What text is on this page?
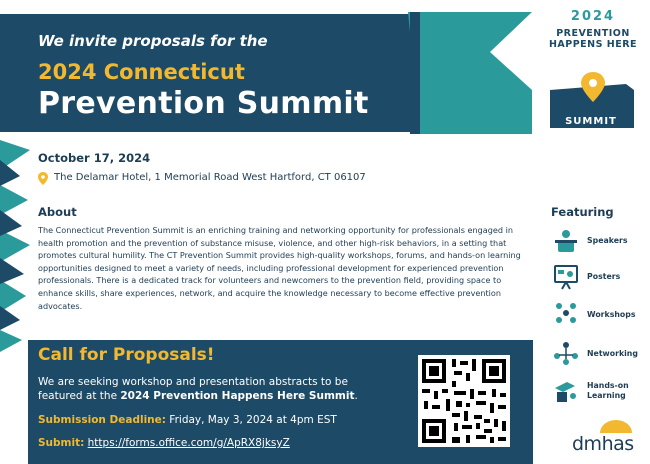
We invite proposals for the
2024 Connecticut
Prevention Summit
2024
PREVENTION HAPPENS HERE
SUMMIT
October 17, 2024
The Delamar Hotel, 1 Memorial Road West Hartford, CT 06107
About
The Connecticut Prevention Summit is an enriching training and networking opportunity for professionals engaged in health promotion and the prevention of substance misuse, violence, and other high-risk behaviors, in a setting that promotes cultural humility. The CT Prevention Summit provides high-quality workshops, forums, and hands-on learning opportunities designed to meet a variety of needs, including professional development for experienced prevention professionals. There is a dedicated track for volunteers and newcomers to the prevention field, providing space to enhance skills, share experiences, network, and acquire the knowledge necessary to become effective prevention advocates.
Featuring
Speakers
Posters
Workshops
Networking
Hands-on Learning
Call for Proposals!
We are seeking workshop and presentation abstracts to be featured at the 2024 Prevention Happens Here Summit.
Submission Deadline: Friday, May 3, 2024 at 4pm EST
Submit: https://forms.office.com/g/ApRX8jksyZ	dmhas
